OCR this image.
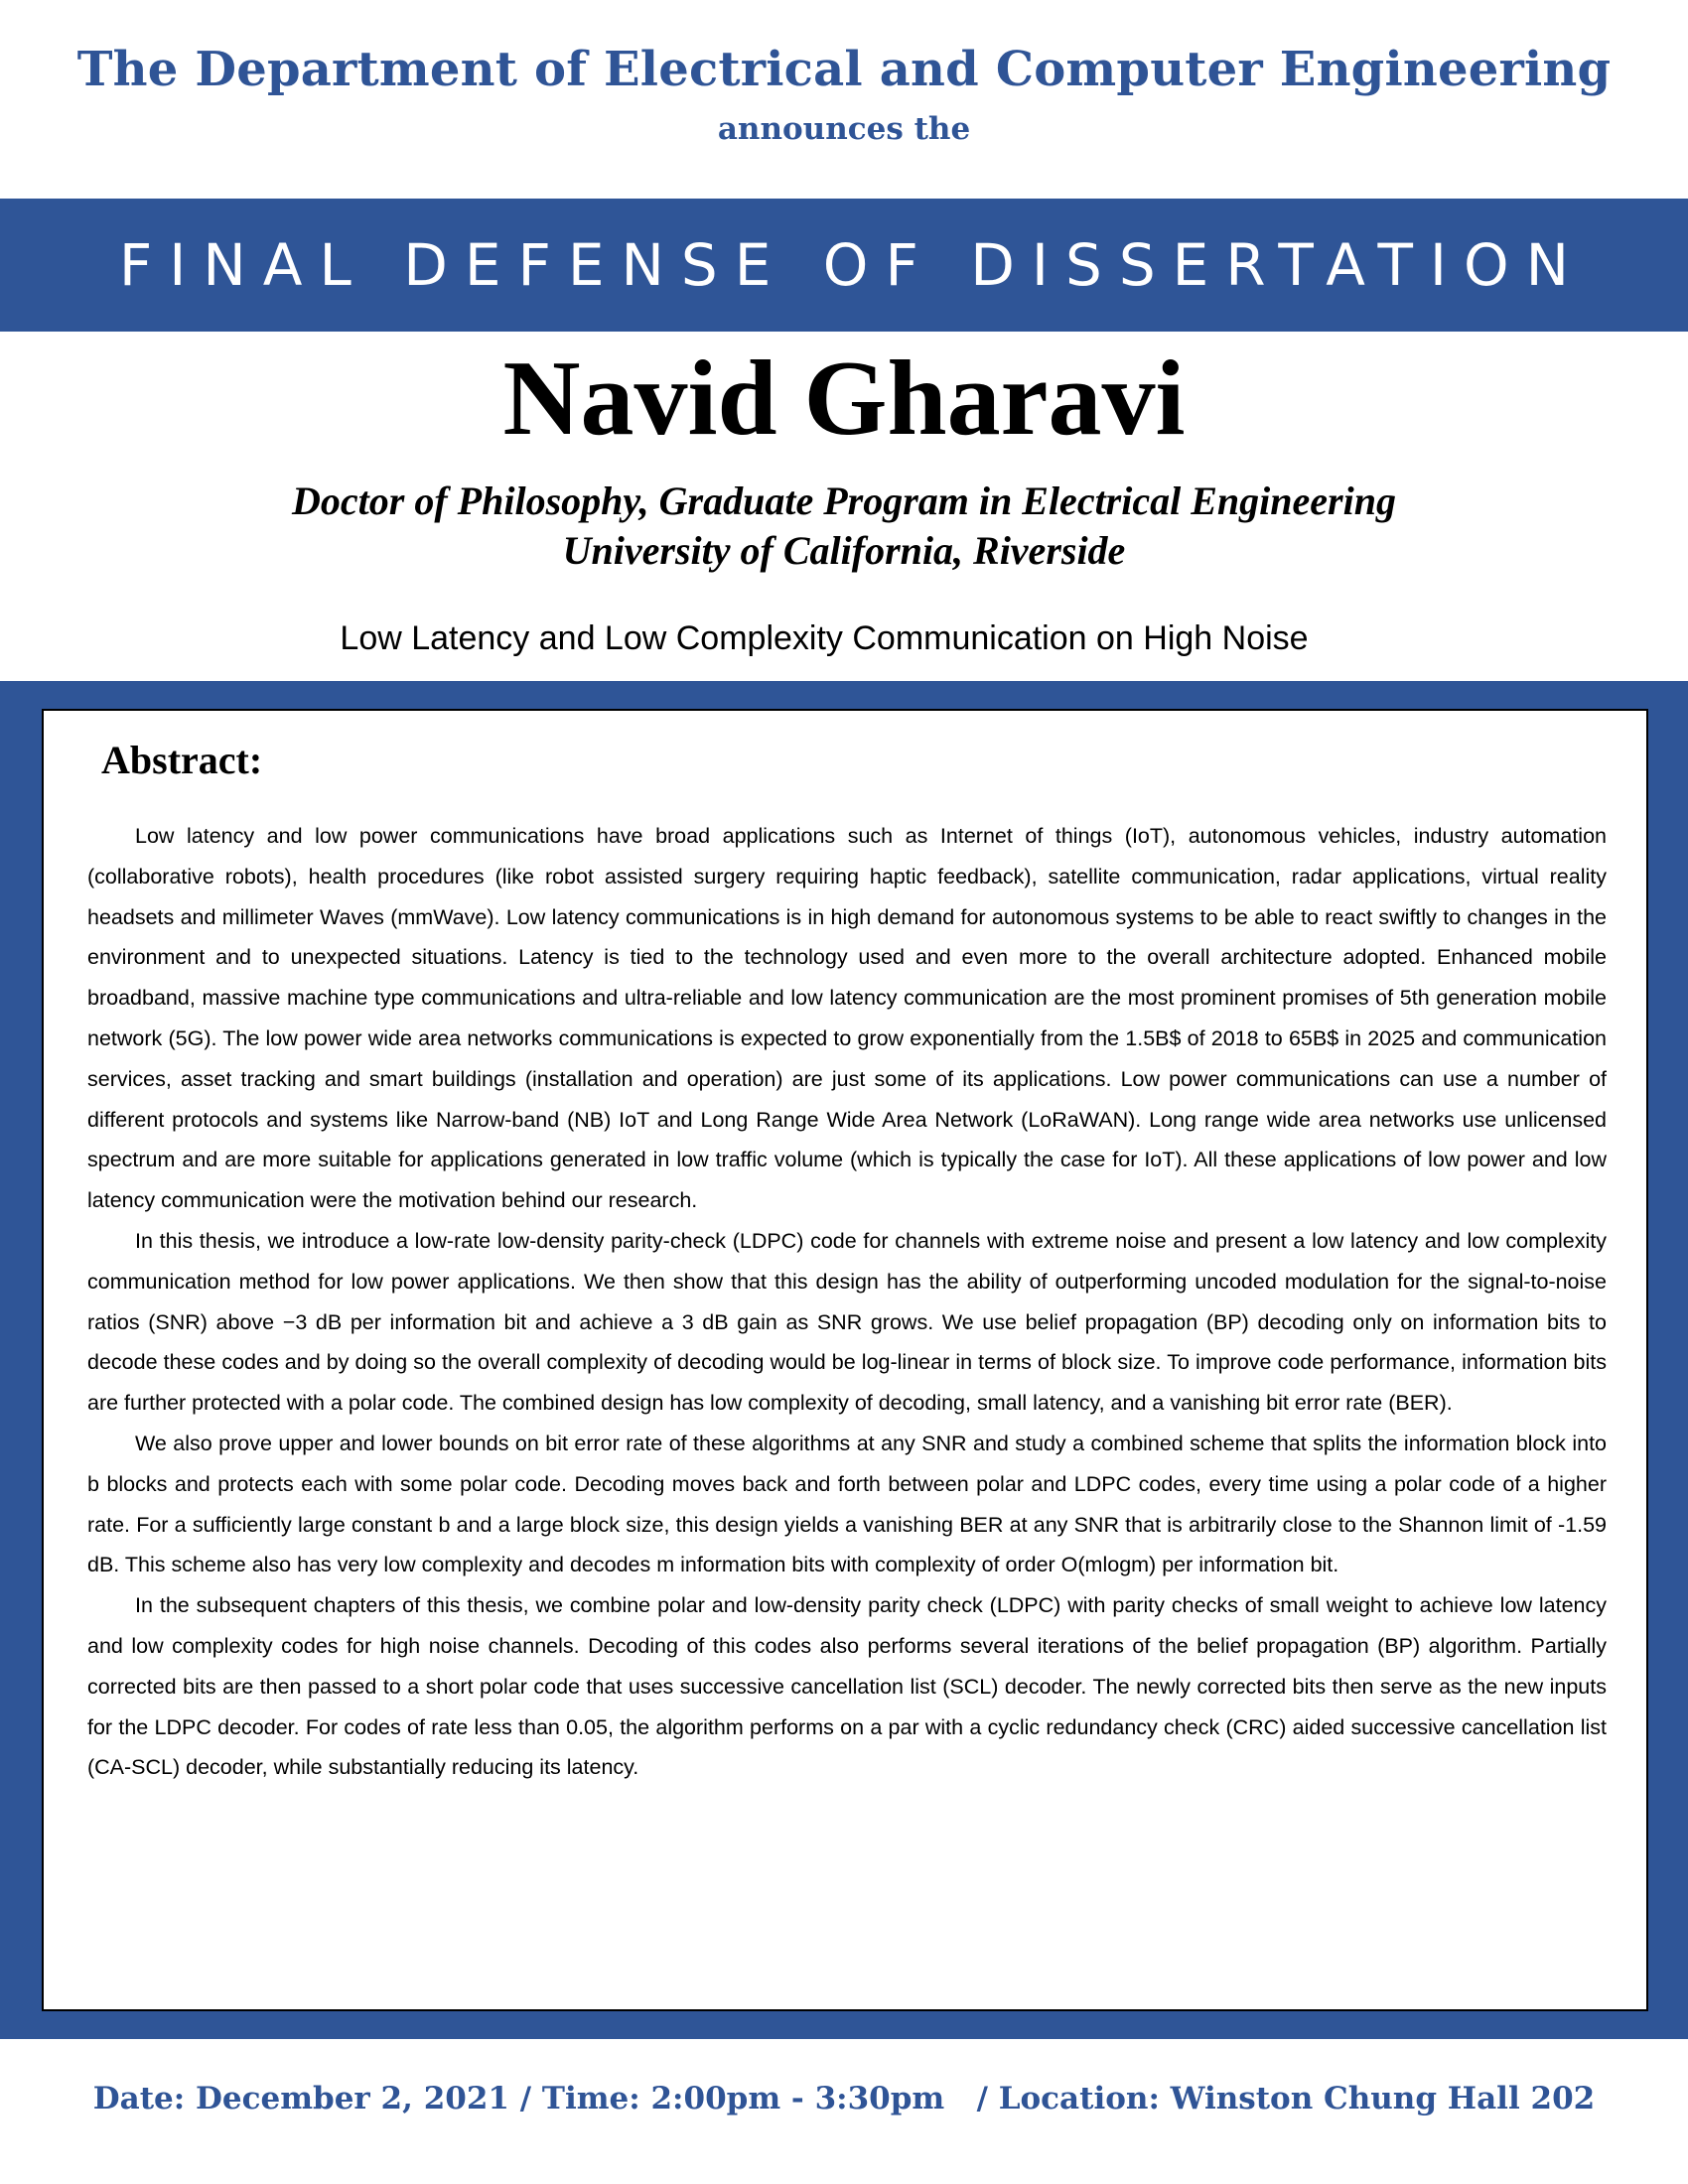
The Department of Electrical and Computer Engineering
announces the
FINAL DEFENSE OF DISSERTATION
Navid Gharavi
Doctor of Philosophy, Graduate Program in Electrical Engineering
University of California, Riverside
Low Latency and Low Complexity Communication on High Noise
Abstract:

Low latency and low power communications have broad applications such as Internet of things (IoT), autonomous vehicles, industry automation (collaborative robots), health procedures (like robot assisted surgery requiring haptic feedback), satellite communication, radar applications, virtual reality headsets and millimeter Waves (mmWave). Low latency communications is in high demand for autonomous systems to be able to react swiftly to changes in the environment and to unexpected situations. Latency is tied to the technology used and even more to the overall architecture adopted. Enhanced mobile broadband, massive machine type communications and ultra-reliable and low latency communication are the most prominent promises of 5th generation mobile network (5G). The low power wide area networks communications is expected to grow exponentially from the 1.5B$ of 2018 to 65B$ in 2025 and communication services, asset tracking and smart buildings (installation and operation) are just some of its applications. Low power communications can use a number of different protocols and systems like Narrow-band (NB) IoT and Long Range Wide Area Network (LoRaWAN). Long range wide area networks use unlicensed spectrum and are more suitable for applications generated in low traffic volume (which is typically the case for IoT). All these applications of low power and low latency communication were the motivation behind our research.

In this thesis, we introduce a low-rate low-density parity-check (LDPC) code for channels with extreme noise and present a low latency and low complexity communication method for low power applications. We then show that this design has the ability of outperforming uncoded modulation for the signal-to-noise ratios (SNR) above −3 dB per information bit and achieve a 3 dB gain as SNR grows. We use belief propagation (BP) decoding only on information bits to decode these codes and by doing so the overall complexity of decoding would be log-linear in terms of block size. To improve code performance, information bits are further protected with a polar code. The combined design has low complexity of decoding, small latency, and a vanishing bit error rate (BER).

We also prove upper and lower bounds on bit error rate of these algorithms at any SNR and study a combined scheme that splits the information block into b blocks and protects each with some polar code. Decoding moves back and forth between polar and LDPC codes, every time using a polar code of a higher rate. For a sufficiently large constant b and a large block size, this design yields a vanishing BER at any SNR that is arbitrarily close to the Shannon limit of -1.59 dB. This scheme also has very low complexity and decodes m information bits with complexity of order O(mlogm) per information bit.

In the subsequent chapters of this thesis, we combine polar and low-density parity check (LDPC) with parity checks of small weight to achieve low latency and low complexity codes for high noise channels. Decoding of this codes also performs several iterations of the belief propagation (BP) algorithm. Partially corrected bits are then passed to a short polar code that uses successive cancellation list (SCL) decoder. The newly corrected bits then serve as the new inputs for the LDPC decoder. For codes of rate less than 0.05, the algorithm performs on a par with a cyclic redundancy check (CRC) aided successive cancellation list (CA-SCL) decoder, while substantially reducing its latency.

Date: December 2, 2021 / Time: 2:00pm - 3:30pm   / Location: Winston Chung Hall 202
